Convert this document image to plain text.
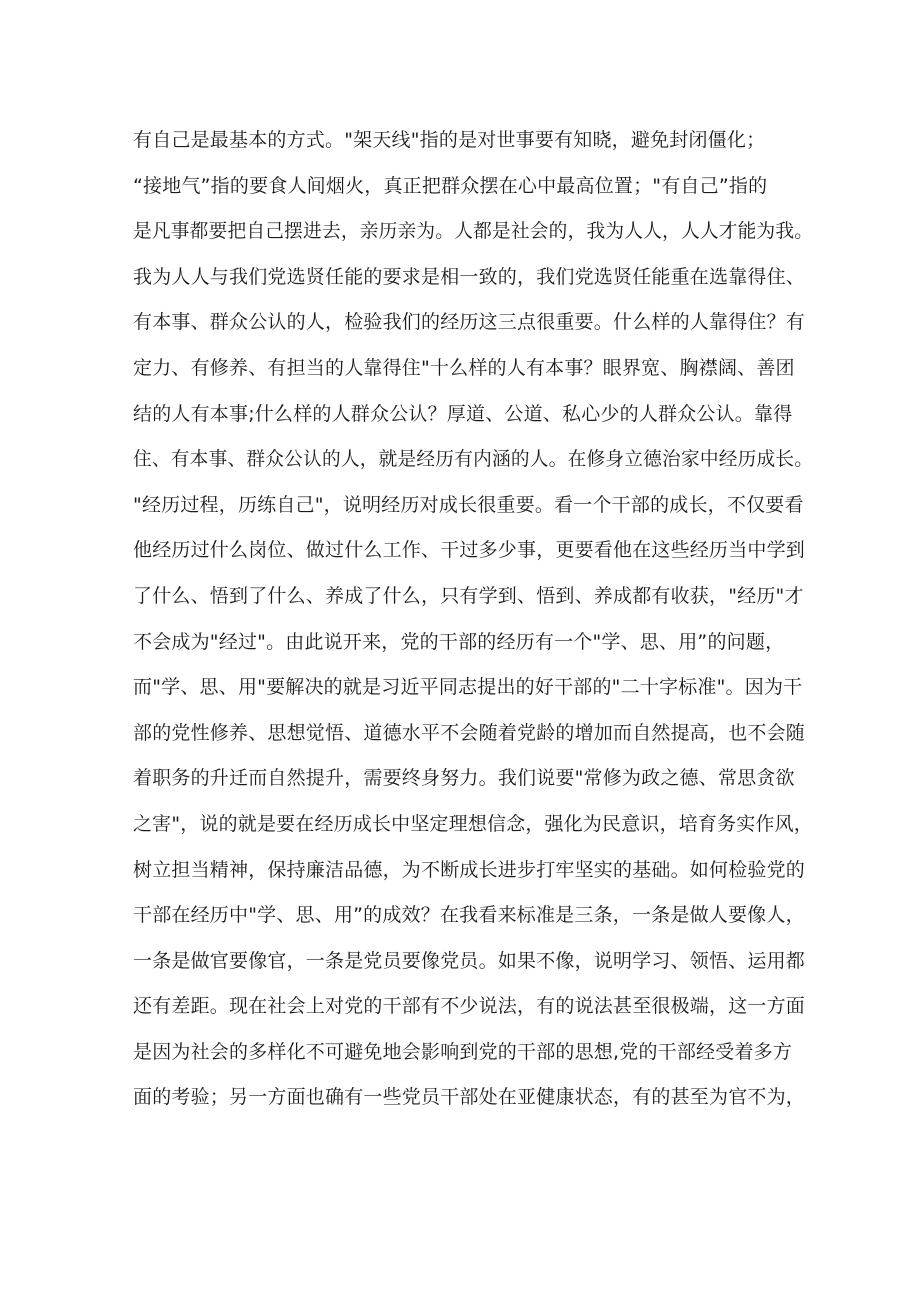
有自己是最基本的方式。"架天线"指的是对世事要有知晓，避免封闭僵化；
“接地气”指的要食人间烟火，真正把群众摆在心中最高位置；"有自己”指的
是凡事都要把自己摆进去，亲历亲为。人都是社会的，我为人人，人人才能为我。
我为人人与我们党选贤任能的要求是相一致的，我们党选贤任能重在选靠得住、
有本事、群众公认的人，检验我们的经历这三点很重要。什么样的人靠得住？有
定力、有修养、有担当的人靠得住"十么样的人有本事？眼界宽、胸襟阔、善团
结的人有本事;什么样的人群众公认？厚道、公道、私心少的人群众公认。靠得
住、有本事、群众公认的人，就是经历有内涵的人。在修身立德治家中经历成长。
"经历过程，历练自己"，说明经历对成长很重要。看一个干部的成长，不仅要看
他经历过什么岗位、做过什么工作、干过多少事，更要看他在这些经历当中学到
了什么、悟到了什么、养成了什么，只有学到、悟到、养成都有收获，"经历"才
不会成为"经过"。由此说开来，党的干部的经历有一个"学、思、用”的问题，
而"学、思、用"要解决的就是习近平同志提出的好干部的"二十字标准"。因为干
部的党性修养、思想觉悟、道德水平不会随着党龄的增加而自然提高，也不会随
着职务的升迁而自然提升，需要终身努力。我们说要"常修为政之德、常思贪欲
之害"，说的就是要在经历成长中坚定理想信念，强化为民意识，培育务实作风，
树立担当精神，保持廉洁品德，为不断成长进步打牢坚实的基础。如何检验党的
干部在经历中"学、思、用”的成效？在我看来标准是三条，一条是做人要像人，
一条是做官要像官，一条是党员要像党员。如果不像，说明学习、领悟、运用都
还有差距。现在社会上对党的干部有不少说法，有的说法甚至很极端，这一方面
是因为社会的多样化不可避免地会影响到党的干部的思想,党的干部经受着多方
面的考验；另一方面也确有一些党员干部处在亚健康状态，有的甚至为官不为，
